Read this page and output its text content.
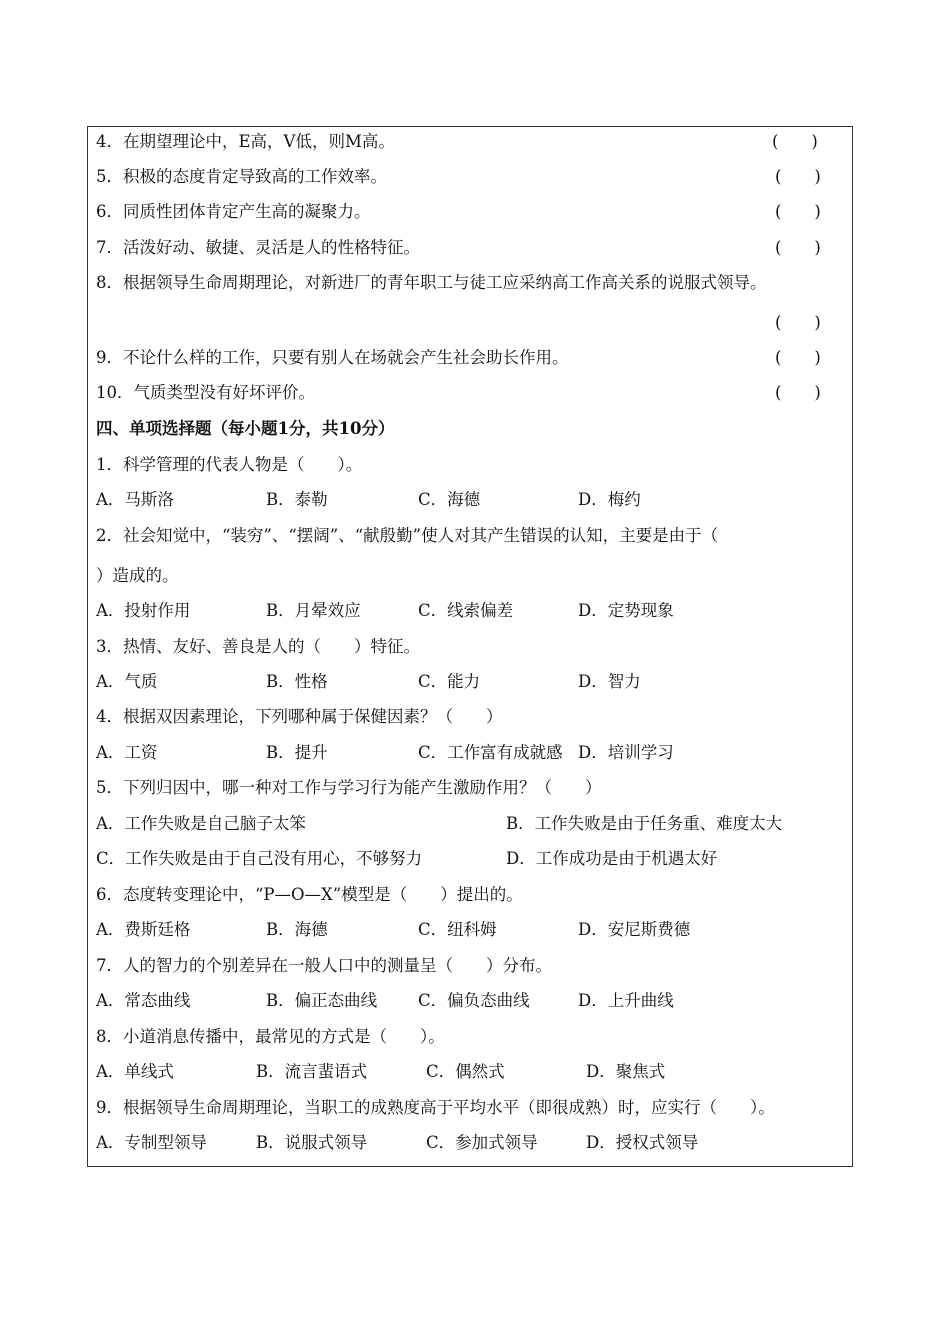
4．在期望理论中，E高，V低，则M高。	(　　)
5．积极的态度肯定导致高的工作效率。	(　　)
6．同质性团体肯定产生高的凝聚力。	(　　)
7．活泼好动、敏捷、灵活是人的性格特征。	(　　)
8．根据领导生命周期理论，对新进厂的青年职工与徒工应采纳高工作高关系的说服式领导。
(　　)
9．不论什么样的工作，只要有别人在场就会产生社会助长作用。	(　　)
10．气质类型没有好坏评价。	(　　)
四、单项选择题（每小题1分，共10分）
1．科学管理的代表人物是（　　）。
A．马斯洛	B．泰勒	C．海德	D．梅约
2．社会知觉中，“装穷”、“摆阔”、“献殷勤”使人对其产生错误的认知，主要是由于（
）造成的。
A．投射作用	B．月晕效应	C．线索偏差	D．定势现象
3．热情、友好、善良是人的（　　）特征。
A．气质	B．性格	C．能力	D．智力
4．根据双因素理论，下列哪种属于保健因素？（　　）
A．工资	B．提升	C．工作富有成就感 D．培训学习
5．下列归因中，哪一种对工作与学习行为能产生激励作用？（　　）
A．工作失败是自己脑子太笨	B．工作失败是由于任务重、难度太大
C．工作失败是由于自己没有用心，不够努力	D．工作成功是由于机遇太好
6．态度转变理论中，“P—O—X”模型是（　　）提出的。
A．费斯廷格	B．海德	C．纽科姆	D．安尼斯费德
7．人的智力的个别差异在一般人口中的测量呈（　　）分布。
A．常态曲线	B．偏正态曲线 C．偏负态曲线	D．上升曲线
8．小道消息传播中，最常见的方式是（　　）。
A．单线式	B．流言蜚语式	C．偶然式	D．聚焦式
9．根据领导生命周期理论，当职工的成熟度高于平均水平（即很成熟）时，应实行（　　）。
A．专制型领导	B．说服式领导	C．参加式领导	D．授权式领导
